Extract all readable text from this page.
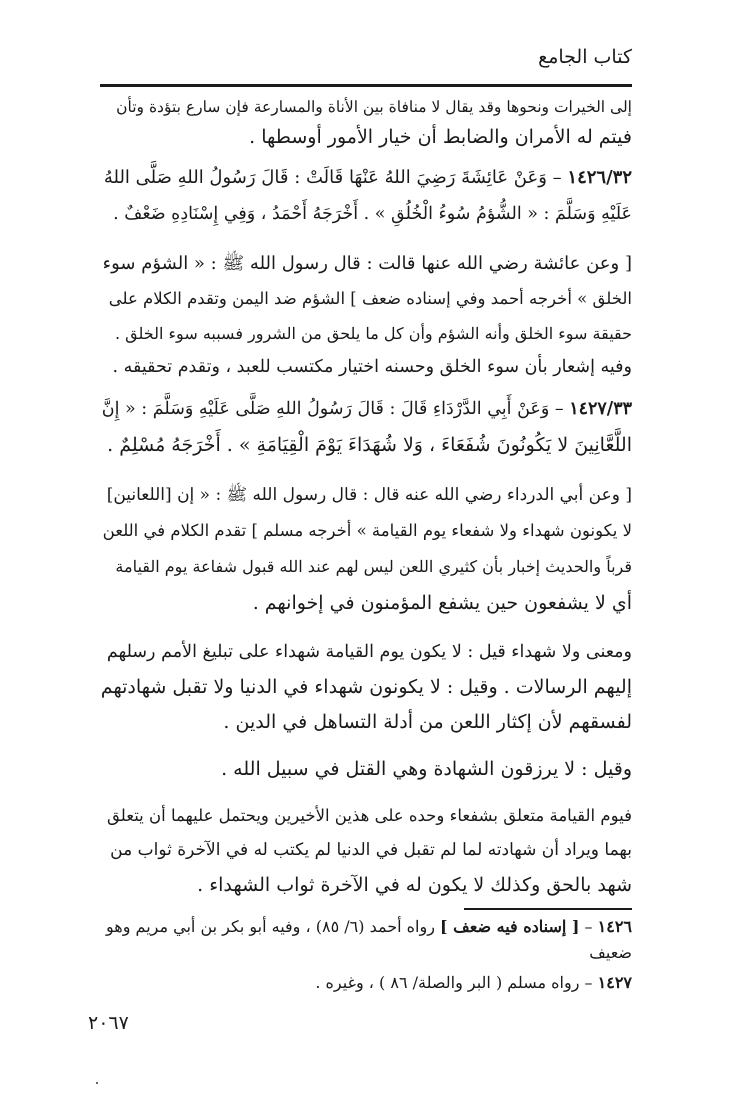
كتاب الجامع

إلى الخيرات ونحوها وقد يقال لا منافاة بين الأناة والمسارعة فإن سارع بتؤدة وتأن
فيتم له الأمران والضابط أن خيار الأمور أوسطها .

١٤٢٦/٣٢ – وَعَنْ عَائِشَةَ رَضِيَ اللهُ عَنْهَا قَالَتْ : قَالَ رَسُولُ اللهِ صَلَّى اللهُ
عَلَيْهِ وَسَلَّمَ : « الشُّؤمُ سُوءُ الْخُلُقِ » . أَخْرَجَهُ أَحْمَدُ ، وَفِي إِسْنَادِهِ ضَعْفٌ .

[ وعن عائشة رضي الله عنها قالت : قال رسول الله ﷺ : « الشؤم سوء
الخلق » أخرجه أحمد وفي إسناده ضعف ] الشؤم ضد اليمن وتقدم الكلام على
حقيقة سوء الخلق وأنه الشؤم وأن كل ما يلحق من الشرور فسببه سوء الخلق .
وفيه إشعار بأن سوء الخلق وحسنه اختيار مكتسب للعبد ، وتقدم تحقيقه .

١٤٢٧/٣٣ – وَعَنْ أَبِي الدَّرْدَاءِ قَالَ : قَالَ رَسُولُ اللهِ صَلَّى عَلَيْهِ وَسَلَّمَ : « إِنَّ
اللَّعَّانِينَ لا يَكُونُونَ شُفَعَاءَ ، وَلا شُهَدَاءَ يَوْمَ الْقِيَامَةِ » . أَخْرَجَهُ مُسْلِمٌ .

[ وعن أبي الدرداء رضي الله عنه قال : قال رسول الله ﷺ : « إن [اللعانين]
لا يكونون شهداء ولا شفعاء يوم القيامة » أخرجه مسلم ] تقدم الكلام في اللعن
قرباً والحديث إخبار بأن كثيري اللعن ليس لهم عند الله قبول شفاعة يوم القيامة
أي لا يشفعون حين يشفع المؤمنون في إخوانهم .

ومعنى ولا شهداء قيل : لا يكون يوم القيامة شهداء على تبليغ الأمم رسلهم
إليهم الرسالات . وقيل : لا يكونون شهداء في الدنيا ولا تقبل شهادتهم
لفسقهم لأن إكثار اللعن من أدلة التساهل في الدين .

وقيل : لا يرزقون الشهادة وهي القتل في سبيل الله .

فيوم القيامة متعلق بشفعاء وحده على هذين الأخيرين ويحتمل عليهما أن يتعلق
بهما ويراد أن شهادته لما لم تقبل في الدنيا لم يكتب له في الآخرة ثواب من
شهد بالحق وكذلك لا يكون له في الآخرة ثواب الشهداء .

١٤٢٦ – [ إسناده فيه ضعف ] رواه أحمد (٦/ ٨٥) ، وفيه أبو بكر بن أبي مريم وهو
ضعيف
١٤٢٧ – رواه مسلم ( البر والصلة/ ٨٦ ) ، وغيره .
٢٠٦٧
